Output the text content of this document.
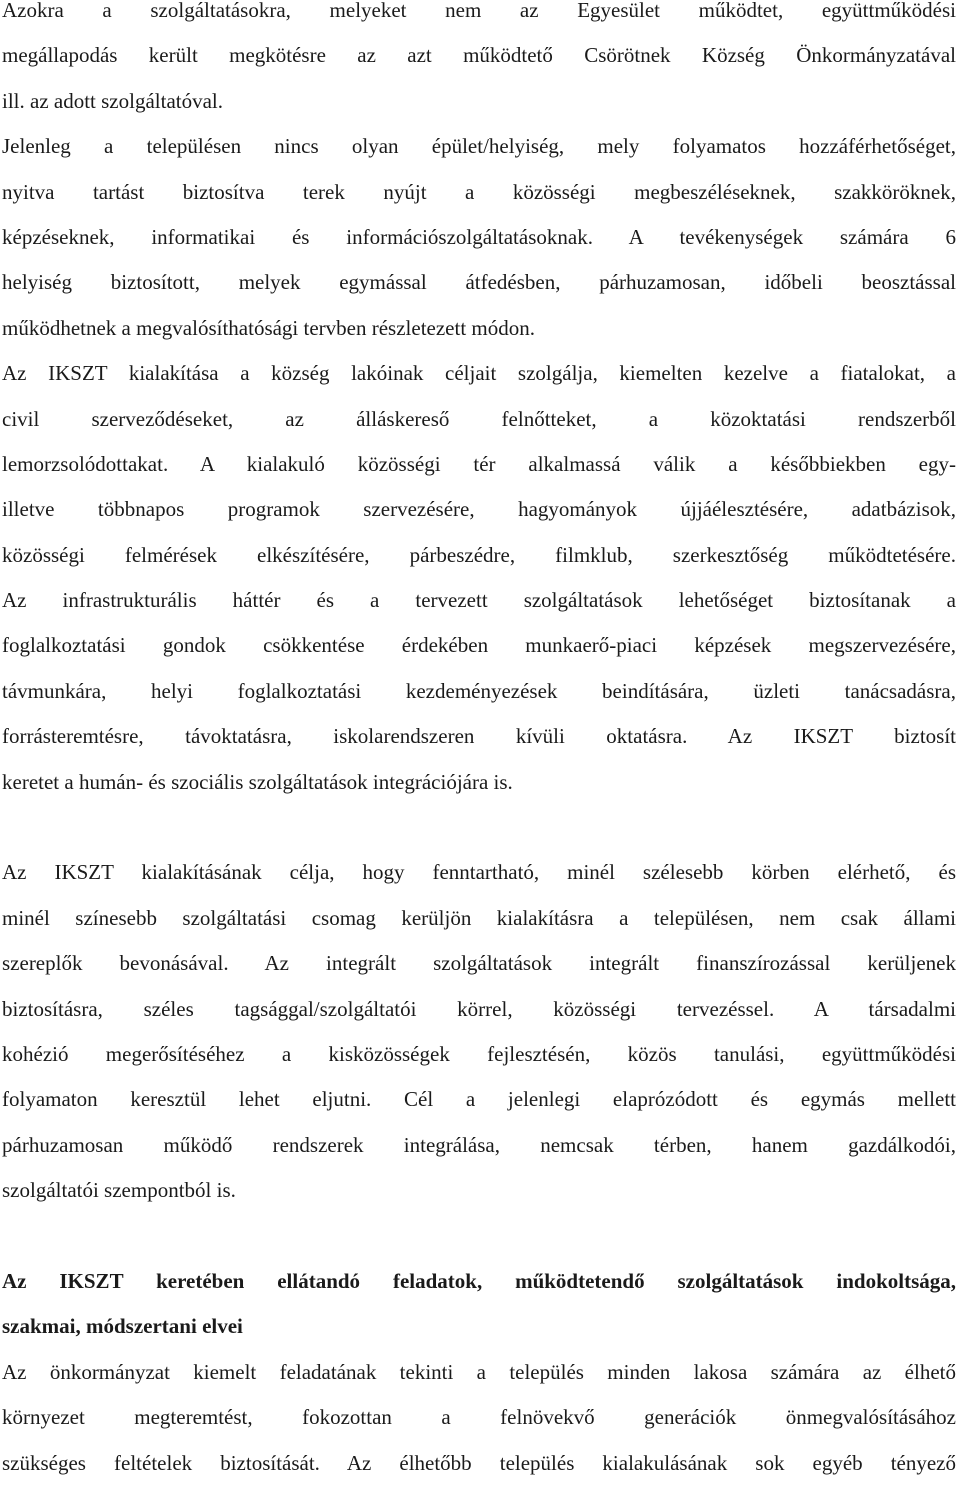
Azokra a szolgáltatásokra, melyeket nem az Egyesület működtet, együttműködési
megállapodás került megkötésre az azt működtető Csörötnek Község Önkormányzatával
ill. az adott szolgáltatóval.
Jelenleg a településen nincs olyan épület/helyiség, mely folyamatos hozzáférhetőséget,
nyitva tartást biztosítva terek nyújt a közösségi megbeszéléseknek, szakköröknek,
képzéseknek, informatikai és információszolgáltatásoknak. A tevékenységek számára 6
helyiség biztosított, melyek egymással átfedésben, párhuzamosan, időbeli beosztással
működhetnek a megvalósíthatósági tervben részletezett módon.
Az IKSZT kialakítása a község lakóinak céljait szolgálja, kiemelten kezelve a fiatalokat, a
civil szerveződéseket, az álláskereső felnőtteket, a közoktatási rendszerből
lemorzsolódottakat. A kialakuló közösségi tér alkalmassá válik a későbbiekben egy-
illetve többnapos programok szervezésére, hagyományok újjáélesztésére, adatbázisok,
közösségi felmérések elkészítésére, párbeszédre, filmklub, szerkesztőség működtetésére.
Az infrastrukturális háttér és a tervezett szolgáltatások lehetőséget biztosítanak a
foglalkoztatási gondok csökkentése érdekében munkaerő-piaci képzések megszervezésére,
távmunkára, helyi foglalkoztatási kezdeményezések beindítására, üzleti tanácsadásra,
forrásteremtésre, távoktatásra, iskolarendszeren kívüli oktatásra. Az IKSZT biztosít
keretet a humán- és szociális szolgáltatások integrációjára is.
Az IKSZT kialakításának célja, hogy fenntartható, minél szélesebb körben elérhető, és
minél színesebb szolgáltatási csomag kerüljön kialakításra a településen, nem csak állami
szereplők bevonásával. Az integrált szolgáltatások integrált finanszírozással kerüljenek
biztosításra, széles tagsággal/szolgáltatói körrel, közösségi tervezéssel. A társadalmi
kohézió megerősítéséhez a kisközösségek fejlesztésén, közös tanulási, együttműködési
folyamaton keresztül lehet eljutni. Cél a jelenlegi elaprózódott és egymás mellett
párhuzamosan működő rendszerek integrálása, nemcsak térben, hanem gazdálkodói,
szolgáltatói szempontból is.
Az IKSZT keretében ellátandó feladatok, működtetendő szolgáltatások indokoltsága,
szakmai, módszertani elvei
Az önkormányzat kiemelt feladatának tekinti a település minden lakosa számára az élhető
környezet megteremtést, fokozottan a felnövekvő generációk önmegvalósításához
szükséges feltételek biztosítását. Az élhetőbb település kialakulásának sok egyéb tényező
